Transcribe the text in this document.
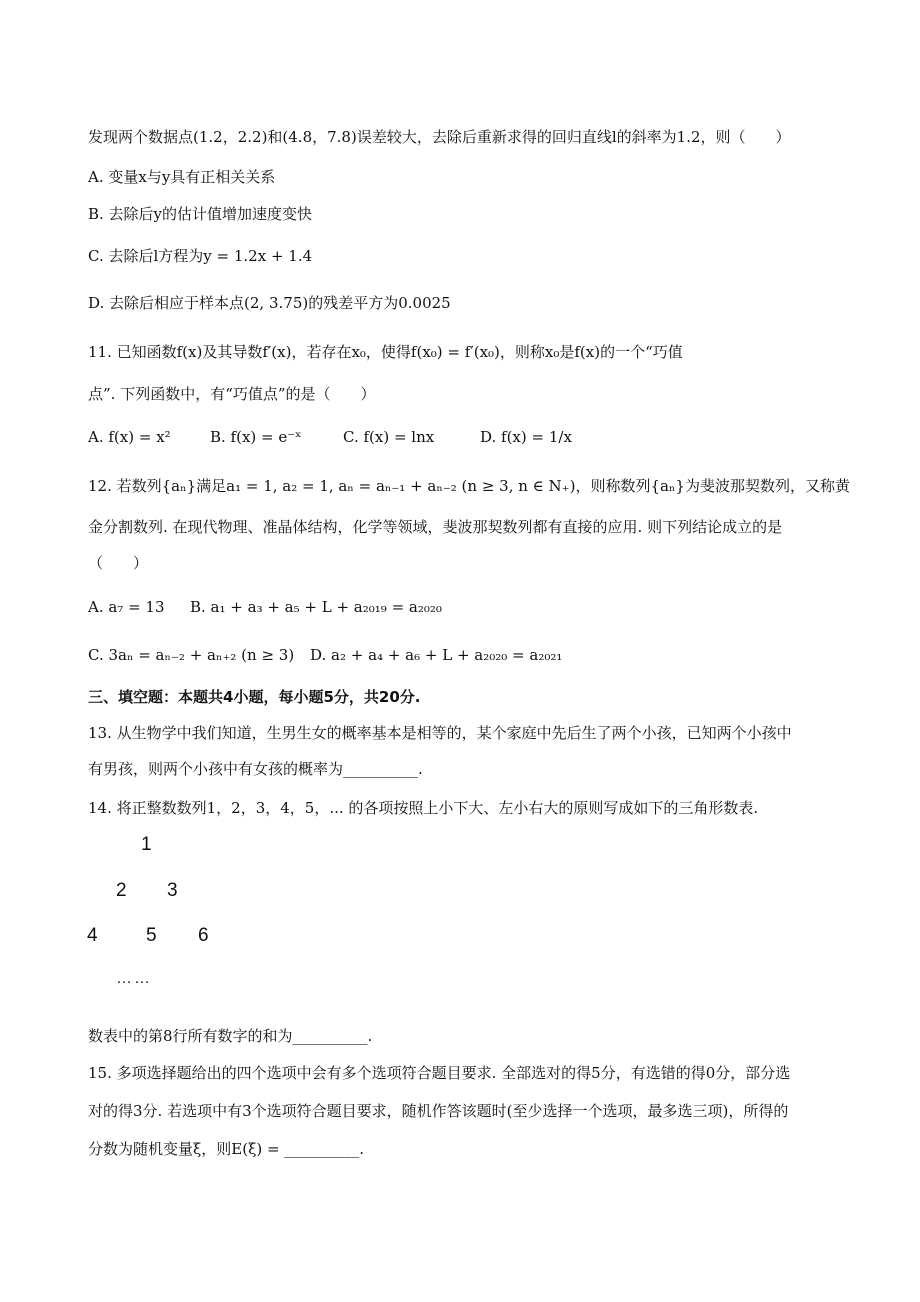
发现两个数据点(1.2，2.2)和(4.8，7.8)误差较大，去除后重新求得的回归直线l的斜率为1.2，则（　　）
A. 变量x与y具有正相关关系
B. 去除后y的估计值增加速度变快
C. 去除后l方程为y = 1.2x + 1.4
D. 去除后相应于样本点(2, 3.75)的残差平方为0.0025
11. 已知函数f(x)及其导数f′(x)，若存在x₀，使得f(x₀) = f′(x₀)，则称x₀是f(x)的一个“巧值
点”. 下列函数中，有“巧值点”的是（　　）
A. f(x) = x²	B. f(x) = e⁻ˣ	C. f(x) = lnx	D. f(x) = 1/x
12. 若数列{aₙ}满足a₁ = 1, a₂ = 1, aₙ = aₙ₋₁ + aₙ₋₂ (n ≥ 3, n ∈ N₊)，则称数列{aₙ}为斐波那契数列，又称黄
金分割数列. 在现代物理、准晶体结构，化学等领域，斐波那契数列都有直接的应用. 则下列结论成立的是
（　　）
A. a₇ = 13 B. a₁ + a₃ + a₅ + L + a₂₀₁₉ = a₂₀₂₀
C. 3aₙ = aₙ₋₂ + aₙ₊₂ (n ≥ 3) D. a₂ + a₄ + a₆ + L + a₂₀₂₀ = a₂₀₂₁
三、填空题：本题共4小题，每小题5分，共20分.
13. 从生物学中我们知道，生男生女的概率基本是相等的，某个家庭中先后生了两个小孩，已知两个小孩中
有男孩，则两个小孩中有女孩的概率为__________.
14. 将正整数数列1，2，3，4，5，... 的各项按照上小下大、左小右大的原则写成如下的三角形数表.
1
2 3
4	5 6
……
数表中的第8行所有数字的和为__________.
15. 多项选择题给出的四个选项中会有多个选项符合题目要求. 全部选对的得5分，有选错的得0分，部分选
对的得3分. 若选项中有3个选项符合题目要求，随机作答该题时(至少选择一个选项，最多选三项)，所得的
分数为随机变量ξ，则E(ξ) = __________.
